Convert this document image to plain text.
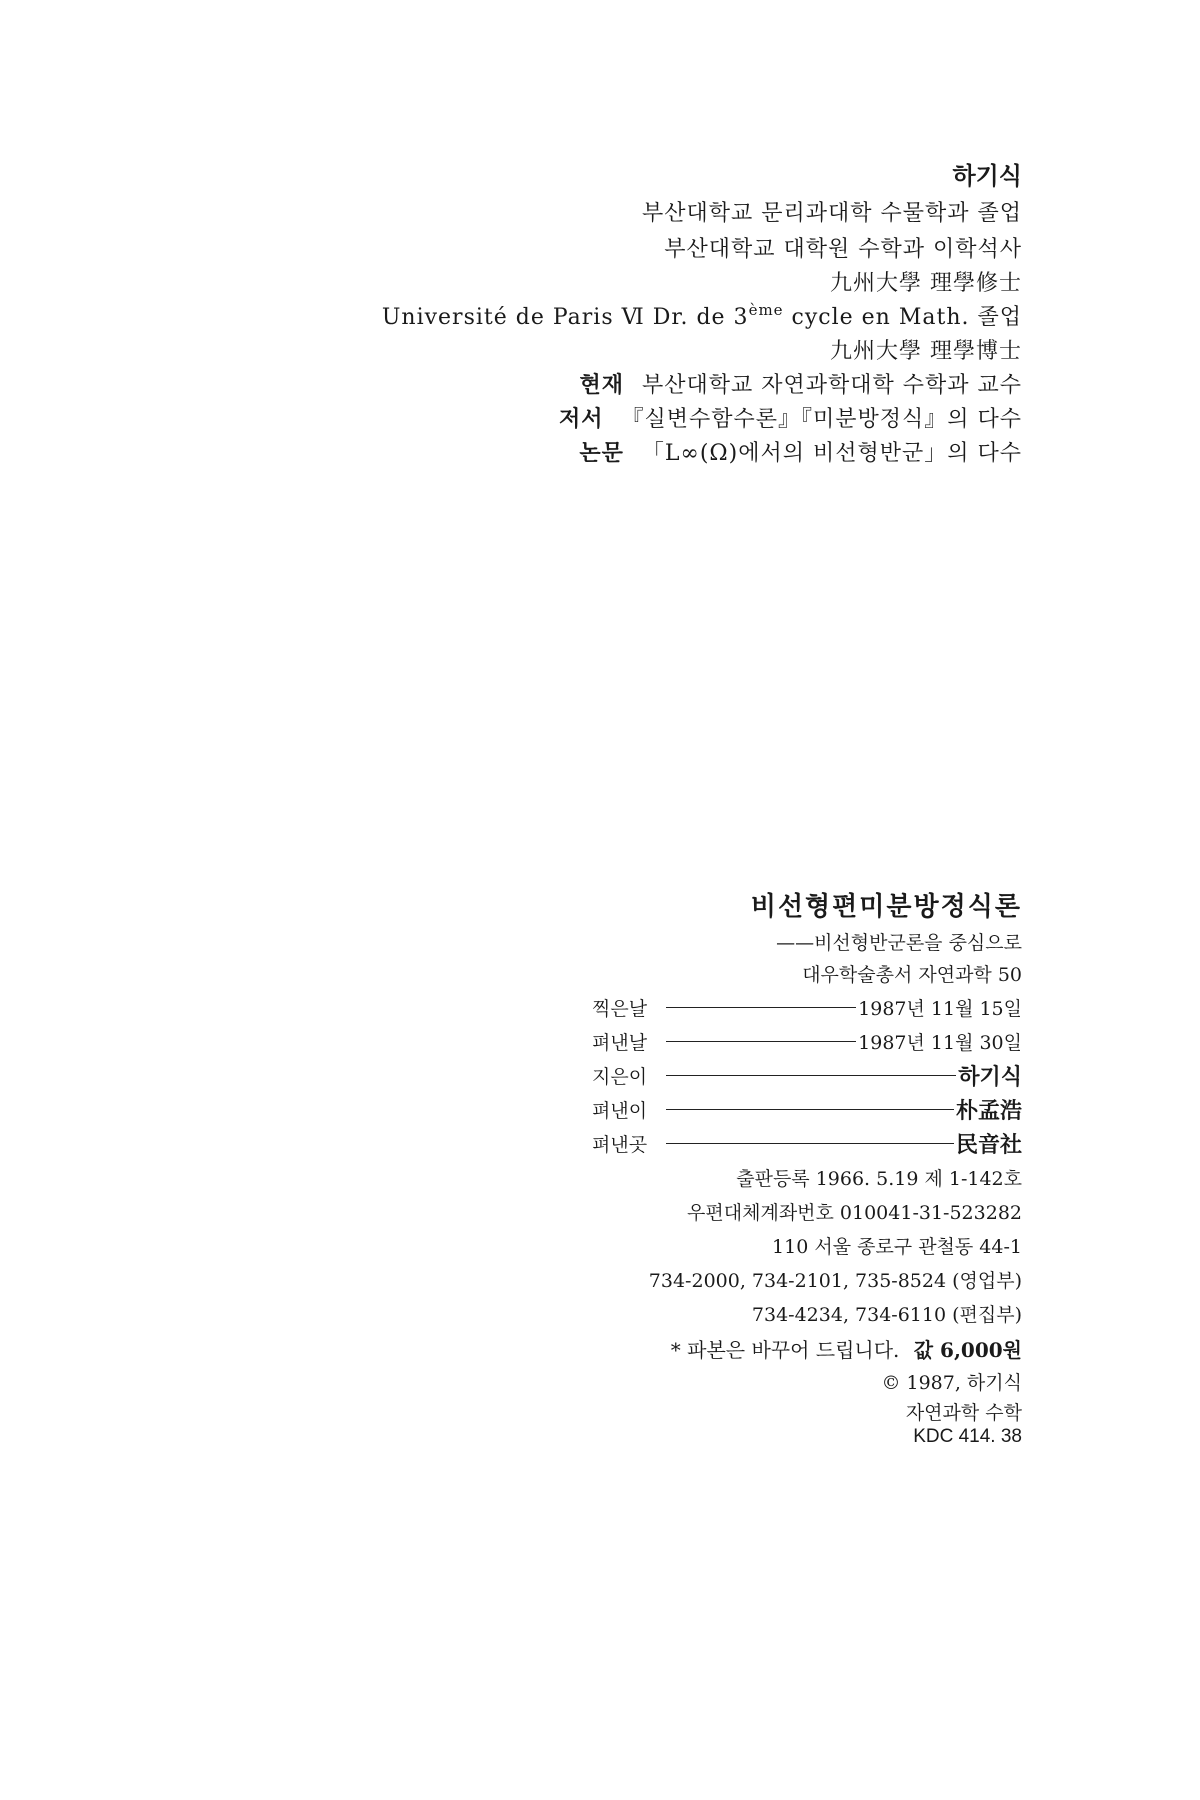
하기식
부산대학교 문리과대학 수물학과 졸업
부산대학교 대학원 수학과 이학석사
九州大學 理學修士
Université de Paris Ⅵ Dr. de 3ème cycle en Math. 졸업
九州大學 理學博士
현재 부산대학교 자연과학대학 수학과 교수
저서 『실변수함수론』『미분방정식』의 다수
논문 「L∞(Ω)에서의 비선형반군」의 다수
비선형편미분방정식론
——비선형반군론을 중심으로
대우학술총서 자연과학 50
찍은날	1987년 11월 15일
펴낸날	1987년 11월 30일
지은이	하기식
펴낸이	朴孟浩
펴낸곳	民音社
출판등록 1966. 5.19 제 1-142호
우편대체계좌번호 010041-31-523282
110 서울 종로구 관철동 44-1
734-2000, 734-2101, 735-8524 (영업부)
734-4234, 734-6110 (편집부)
* 파본은 바꾸어 드립니다. 값 6,000원
© 1987, 하기식
자연과학 수학
KDC 414. 38
